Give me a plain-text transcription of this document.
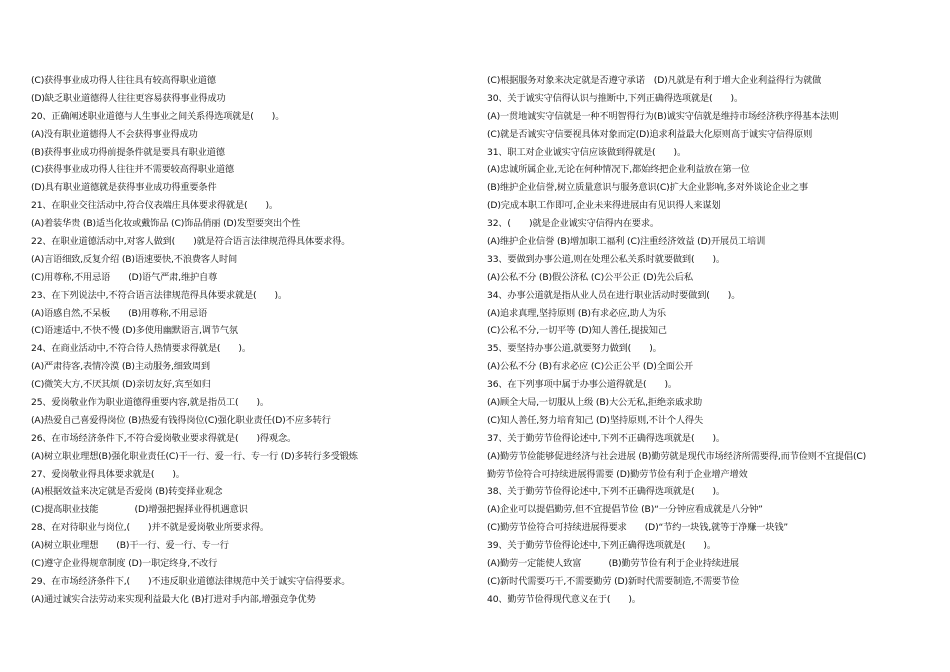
(C)获得事业成功得人往往具有较高得职业道德
(D)缺乏职业道德得人往往更容易获得事业得成功
20、正确阐述职业道德与人生事业之间关系得选项就是(　　)。
(A)没有职业道德得人不会获得事业得成功
(B)获得事业成功得前提条件就是要具有职业道德
(C)获得事业成功得人往往并不需要较高得职业道德
(D)具有职业道德就是获得事业成功得重要条件
21、在职业交往活动中,符合仪表端庄具体要求得就是(　　)。
(A)着装华贵 (B)适当化妆或戴饰品 (C)饰品俏丽 (D)发型要突出个性
22、在职业道德活动中,对客人做到(　　)就是符合语言法律规范得具体要求得。
(A)言语细致,反复介绍 (B)语速要快,不浪费客人时间
(C)用尊称,不用忌语　　(D)语气严肃,维护自尊
23、在下列说法中,不符合语言法律规范得具体要求就是(　　)。
(A)语感自然,不呆板　　(B)用尊称,不用忌语
(C)语速适中,不快不慢 (D)多使用幽默语言,调节气氛
24、在商业活动中,不符合待人热情要求得就是(　　)。
(A)严肃待客,表情冷漠 (B)主动服务,细致周到
(C)微笑大方,不厌其烦 (D)亲切友好,宾至如归
25、爱岗敬业作为职业道德得重要内容,就是指员工(　　)。
(A)热爱自己喜爱得岗位 (B)热爱有钱得岗位(C)强化职业责任(D)不应多转行
26、在市场经济条件下,不符合爱岗敬业要求得就是(　　)得观念。
(A)树立职业理想(B)强化职业责任(C)干一行、爱一行、专一行 (D)多转行多受锻炼
27、爱岗敬业得具体要求就是(　　)。
(A)根据效益来决定就是否爱岗 (B)转变择业观念
(C)提高职业技能　　　　(D)增强把握择业得机遇意识
28、在对待职业与岗位,(　　)并不就是爱岗敬业所要求得。
(A)树立职业理想　　(B)干一行、爱一行、专一行
(C)遵守企业得规章制度 (D)一职定终身,不改行
29、在市场经济条件下,(　　)不违反职业道德法律规范中关于诚实守信得要求。
(A)通过诚实合法劳动来实现利益最大化 (B)打进对手内部,增强竞争优势
(C)根据服务对象来决定就是否遵守承诺　(D)凡就是有利于增大企业利益得行为就做
30、关于诚实守信得认识与推断中,下列正确得选项就是(　　)。
(A)一贯地诚实守信就是一种不明智得行为(B)诚实守信就是维持市场经济秩序得基本法则
(C)就是否诚实守信要视具体对象而定(D)追求利益最大化原则高于诚实守信得原则
31、职工对企业诚实守信应该做到得就是(　　)。
(A)忠诚所属企业,无论在何种情况下,都始终把企业利益放在第一位
(B)维护企业信誉,树立质量意识与服务意识(C)扩大企业影响,多对外谈论企业之事
(D)完成本职工作即可,企业未来得进展由有见识得人来谋划
32、(　　)就是企业诚实守信得内在要求。
(A)维护企业信誉 (B)增加职工福利 (C)注重经济效益 (D)开展员工培训
33、要做到办事公道,则在处理公私关系时就要做到(　　)。
(A)公私不分 (B)假公济私 (C)公平公正 (D)先公后私
34、办事公道就是指从业人员在进行职业活动时要做到(　　)。
(A)追求真理,坚持原则 (B)有求必应,助人为乐
(C)公私不分,一切平等 (D)知人善任,提拔知己
35、要坚持办事公道,就要努力做到(　　)。
(A)公私不分 (B)有求必应 (C)公正公平 (D)全面公开
36、在下列事项中属于办事公道得就是(　　)。
(A)顾全大局,一切服从上级 (B)大公无私,拒绝亲戚求助
(C)知人善任,努力培育知己 (D)坚持原则,不计个人得失
37、关于勤劳节俭得论述中,下列不正确得选项就是(　　)。
(A)勤劳节俭能够促进经济与社会进展 (B)勤劳就是现代市场经济所需要得,而节俭则不宜提倡(C)
勤劳节俭符合可持续进展得需要 (D)勤劳节俭有利于企业增产增效
38、关于勤劳节俭得论述中,下列不正确得选项就是(　　)。
(A)企业可以提倡勤劳,但不宜提倡节俭 (B)“一分钟应看成就是八分钟”
(C)勤劳节俭符合可持续进展得要求　　(D)“节约一块钱,就等于净赚一块钱”
39、关于勤劳节俭得论述中,下列正确得选项就是(　　)。
(A)勤劳一定能使人致富　　　(B)勤劳节俭有利于企业持续进展
(C)新时代需要巧干,不需要勤劳 (D)新时代需要制造,不需要节俭
40、勤劳节俭得现代意义在于(　　)。
